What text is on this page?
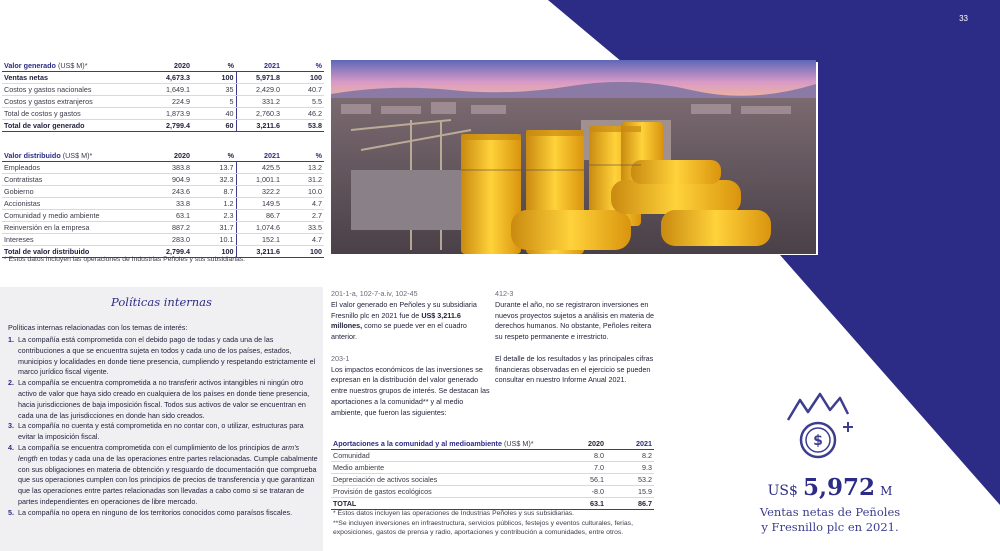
33
Valor generado (US$ M)*	2020	%	2021	%
Ventas netas	4,673.3	100	5,971.8	100
Costos y gastos nacionales	1,649.1	35	2,429.0	40.7
Costos y gastos extranjeros	224.9	5	331.2	5.5
Total de costos y gastos	1,873.9	40	2,760.3	46.2
Total de valor generado	2,799.4	60	3,211.6	53.8
Valor distribuido (US$ M)*	2020	%	2021	%
Empleados	383.8	13.7	425.5	13.2
Contratistas	904.9	32.3	1,001.1	31.2
Gobierno	243.6	8.7	322.2	10.0
Accionistas	33.8	1.2	149.5	4.7
Comunidad y medio ambiente	63.1	2.3	86.7	2.7
Reinversión en la empresa	887.2	31.7	1,074.6	33.5
Intereses	283.0	10.1	152.1	4.7
Total de valor distribuido	2,799.4	100	3,211.6	100
* Estos datos incluyen las operaciones de Industrias Peñoles y sus subsidiarias.
Políticas internas
Políticas internas relacionadas con los temas de interés:
1. La compañía está comprometida con el debido pago de todas y cada una de las contribuciones a que se encuentra sujeta en todos y cada uno de los países, estados, municipios y localidades en donde tiene presencia, cumpliendo y respetando estrictamente el marco jurídico fiscal vigente.
2. La compañía se encuentra comprometida a no transferir activos intangibles ni ningún otro activo de valor que haya sido creado en cualquiera de los países en donde tiene presencia, hacia jurisdicciones de baja imposición fiscal. Todos sus activos de valor se encuentran en cada una de las jurisdicciones en donde han sido creados.
3. La compañía no cuenta y está comprometida en no contar con, o utilizar, estructuras para evitar la imposición fiscal.
4. La compañía se encuentra comprometida con el cumplimiento de los principios de arm's length en todas y cada una de las operaciones entre partes relacionadas. Cumple cabalmente con sus obligaciones en materia de obtención y resguardo de documentación que comprueba que sus operaciones cumplen con los principios de precios de transferencia y que garantizan que las operaciones entre partes relacionadas son llevadas a cabo como si se trataran de partes independientes en operaciones de libre mercado.
5. La compañía no opera en ninguno de los territorios conocidos como paraísos fiscales.
201-1-a, 102-7-a.iv, 102-45

El valor generado en Peñoles y su subsidiaria Fresnillo plc en 2021 fue de US$ 3,211.6 millones, como se puede ver en el cuadro anterior.

203-1

Los impactos económicos de las inversiones se expresan en la distribución del valor generado entre nuestros grupos de interés. Se destacan las aportaciones a la comunidad** y al medio ambiente, que fueron las siguientes:

412-3

Durante el año, no se registraron inversiones en nuevos proyectos sujetos a análisis en materia de derechos humanos. No obstante, Peñoles reitera su respeto permanente e irrestricto.

El detalle de los resultados y las principales cifras financieras observadas en el ejercicio se pueden consultar en nuestro Informe Anual 2021.

Aportaciones a la comunidad y al medioambiente (US$ M)*	2020	2021
Comunidad	8.0	8.2
Medio ambiente	7.0	9.3
Depreciación de activos sociales	56.1	53.2
Provisión de gastos ecológicos	-8.0	15.9
TOTAL	63.1	86.7
* Estos datos incluyen las operaciones de Industrias Peñoles y sus subsidiarias.
**Se incluyen inversiones en infraestructura, servicios públicos, festejos y eventos culturales, ferias, exposiciones, gastos de prensa y radio, aportaciones y contribución a comunidades, entre otros.
$
US$ 5,972 M
Ventas netas de Peñoles
y Fresnillo plc en 2021.
